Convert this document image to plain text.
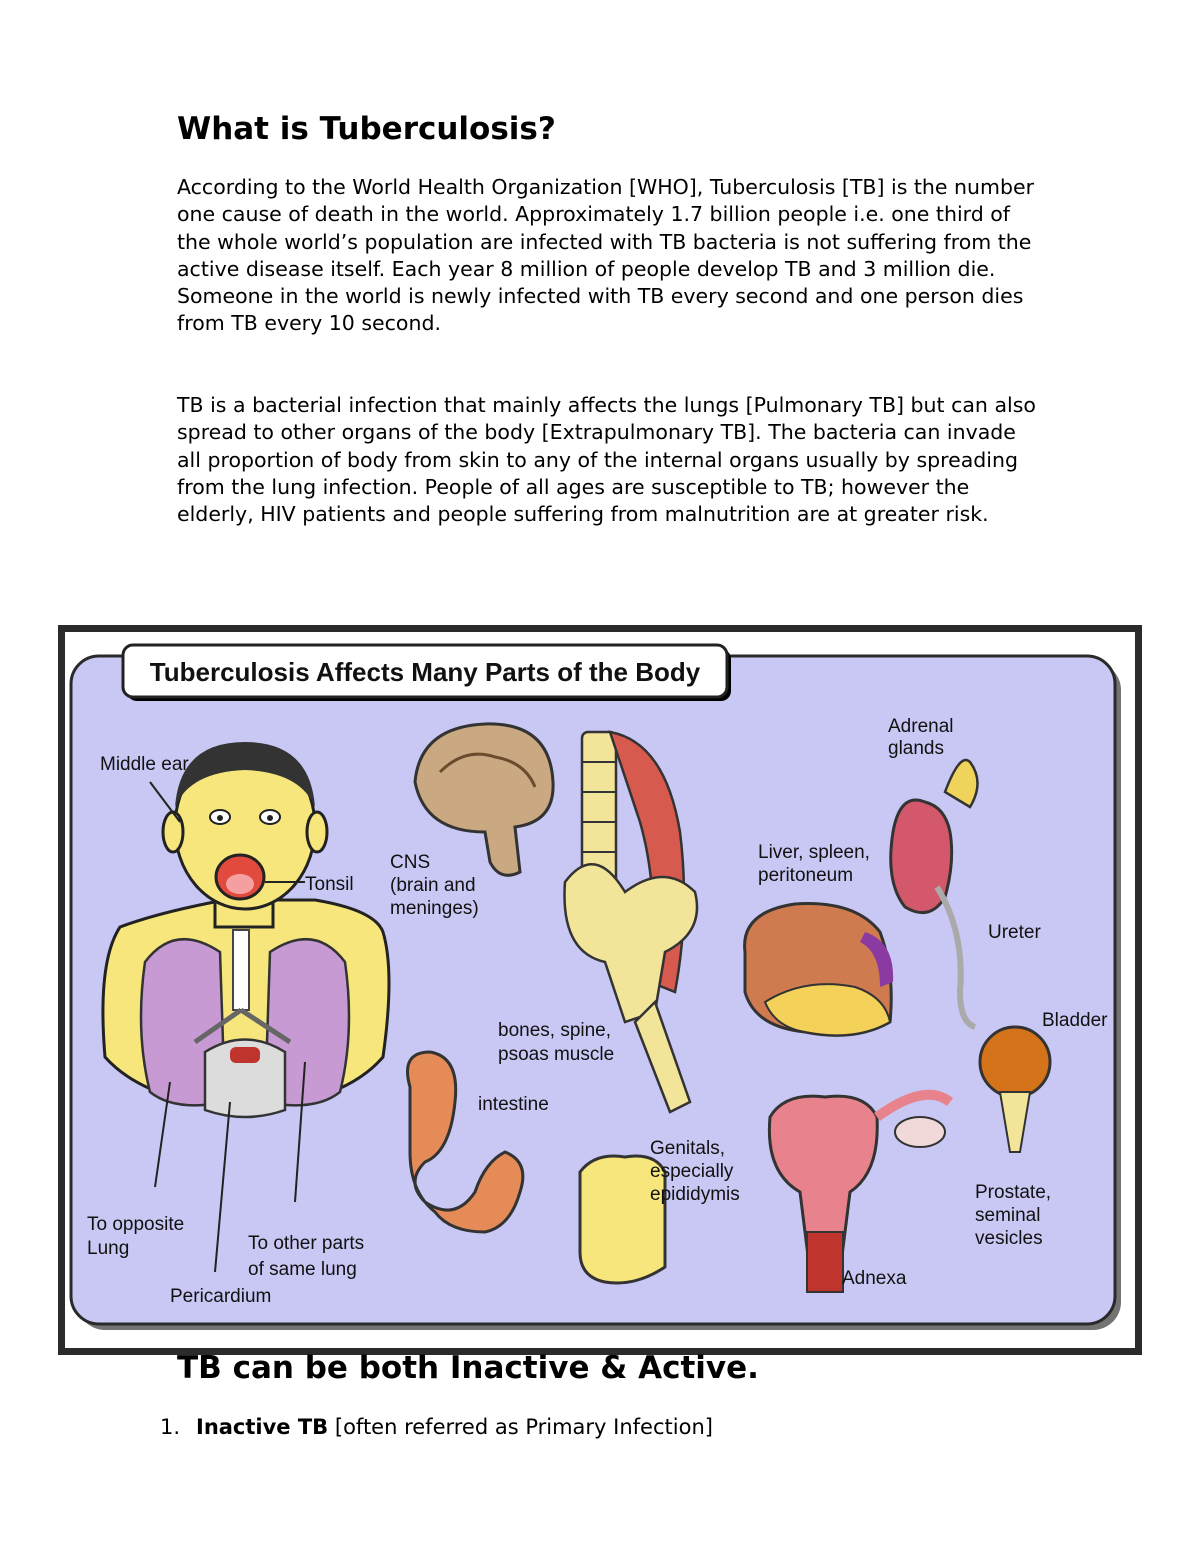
What is Tuberculosis?

According to the World Health Organization [WHO], Tuberculosis [TB] is the number one cause of death in the world. Approximately 1.7 billion people i.e. one third of the whole world’s population are infected with TB bacteria is not suffering from the active disease itself. Each year 8 million of people develop TB and 3 million die. Someone in the world is newly infected with TB every second and one person dies from TB every 10 second.

TB is a bacterial infection that mainly affects the lungs [Pulmonary TB] but can also spread to other organs of the body [Extrapulmonary TB]. The bacteria can invade all proportion of body from skin to any of the internal organs usually by spreading from the lung infection. People of all ages are susceptible to TB; however the elderly, HIV patients and people suffering from malnutrition are at greater risk.

Tuberculosis Affects Many Parts of the Body
Middle ear
Tonsil
To opposite
Lung
Pericardium
To other parts
of same lung
CNS
(brain and
meninges)
bones, spine,
psoas muscle
intestine
Genitals,
especially
epididymis
Liver, spleen,
peritoneum
Adrenal
glands
Ureter
Bladder
Prostate,
seminal
vesicles
Adnexa
TB can be both Inactive & Active.
1. Inactive TB [often referred as Primary Infection]
